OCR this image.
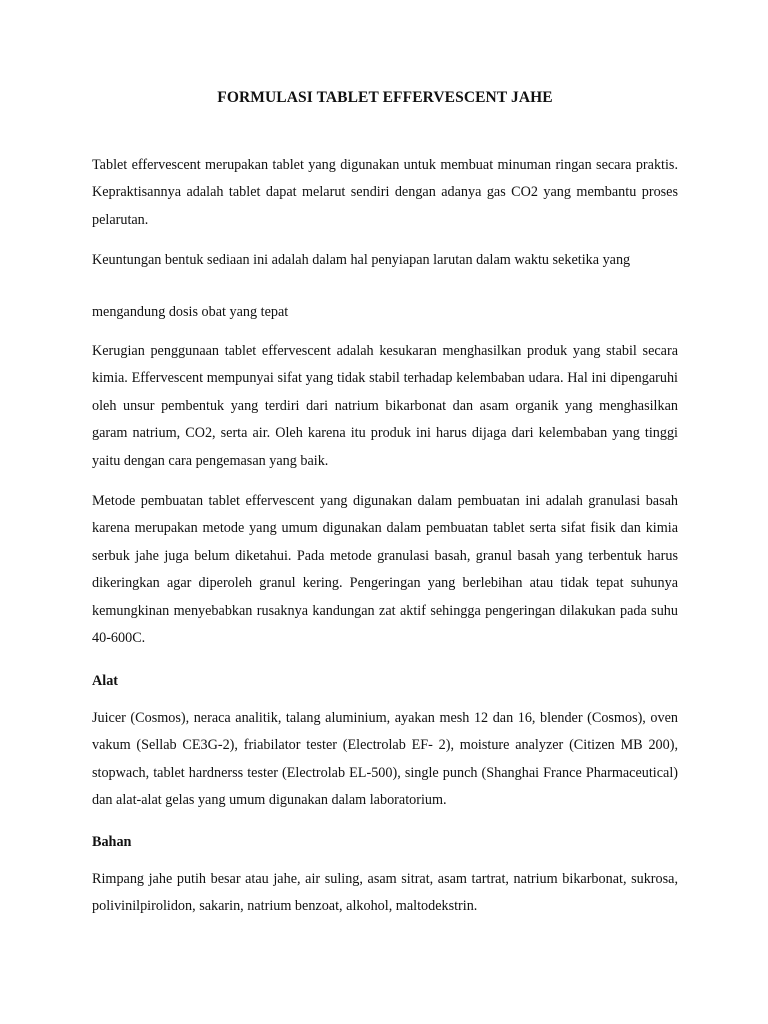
FORMULASI TABLET EFFERVESCENT JAHE

Tablet effervescent merupakan tablet yang digunakan untuk membuat minuman ringan secara praktis. Kepraktisannya adalah tablet dapat melarut sendiri dengan adanya gas CO2 yang membantu proses pelarutan.

Keuntungan bentuk sediaan ini adalah dalam hal penyiapan larutan dalam waktu seketika yang

mengandung dosis obat yang tepat

Kerugian penggunaan tablet effervescent adalah kesukaran menghasilkan produk yang stabil secara kimia. Effervescent mempunyai sifat yang tidak stabil terhadap kelembaban udara. Hal ini dipengaruhi oleh unsur pembentuk yang terdiri dari natrium bikarbonat dan asam organik yang menghasilkan garam natrium, CO2, serta air. Oleh karena itu produk ini harus dijaga dari kelembaban yang tinggi yaitu dengan cara pengemasan yang baik.

Metode pembuatan tablet effervescent yang digunakan dalam pembuatan ini adalah granulasi basah karena merupakan metode yang umum digunakan dalam pembuatan tablet serta sifat fisik dan kimia serbuk jahe juga belum diketahui. Pada metode granulasi basah, granul basah yang terbentuk harus dikeringkan agar diperoleh granul kering. Pengeringan yang berlebihan atau tidak tepat suhunya kemungkinan menyebabkan rusaknya kandungan zat aktif sehingga pengeringan dilakukan pada suhu 40-600C.

Alat

Juicer (Cosmos), neraca analitik, talang aluminium, ayakan mesh 12 dan 16, blender (Cosmos), oven vakum (Sellab CE3G-2), friabilator tester (Electrolab EF- 2), moisture analyzer (Citizen MB 200), stopwach, tablet hardnerss tester (Electrolab EL-500), single punch (Shanghai France Pharmaceutical) dan alat-alat gelas yang umum digunakan dalam laboratorium.

Bahan

Rimpang jahe putih besar atau jahe, air suling, asam sitrat, asam tartrat, natrium bikarbonat, sukrosa, polivinilpirolidon, sakarin, natrium benzoat, alkohol, maltodekstrin.
